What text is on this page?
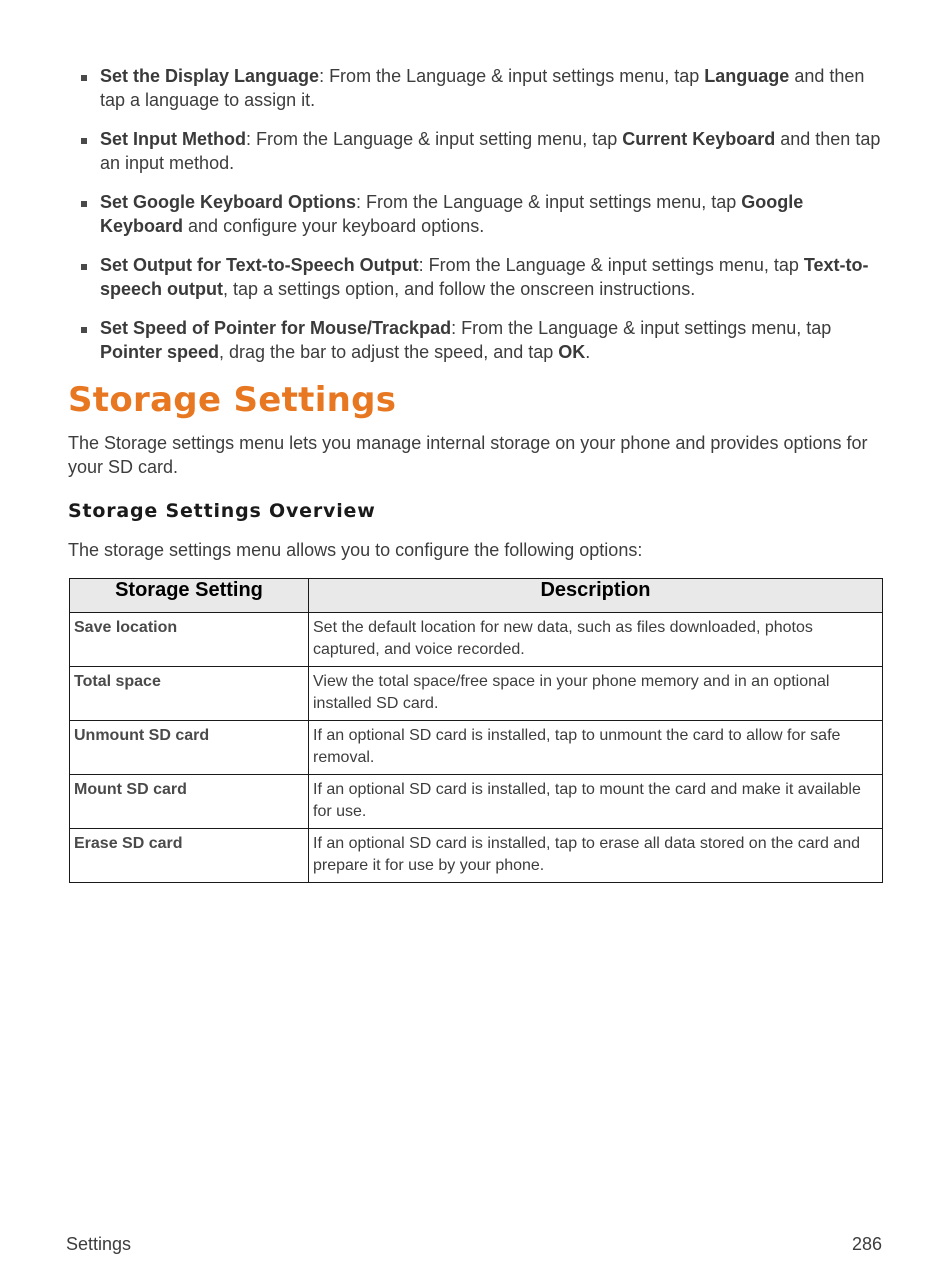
Set the Display Language: From the Language & input settings menu, tap Language and then tap a language to assign it.
Set Input Method: From the Language & input setting menu, tap Current Keyboard and then tap an input method.
Set Google Keyboard Options: From the Language & input settings menu, tap Google Keyboard and configure your keyboard options.
Set Output for Text-to-Speech Output: From the Language & input settings menu, tap Text-to-speech output, tap a settings option, and follow the onscreen instructions.
Set Speed of Pointer for Mouse/Trackpad: From the Language & input settings menu, tap Pointer speed, drag the bar to adjust the speed, and tap OK.
Storage Settings

The Storage settings menu lets you manage internal storage on your phone and provides options for your SD card.

Storage Settings Overview

The storage settings menu allows you to configure the following options:

Storage Setting	Description
Save location	Set the default location for new data, such as files downloaded, photos captured, and voice recorded.
Total space	View the total space/free space in your phone memory and in an optional installed SD card.
Unmount SD card	If an optional SD card is installed, tap to unmount the card to allow for safe removal.
Mount SD card	If an optional SD card is installed, tap to mount the card and make it available for use.
Erase SD card	If an optional SD card is installed, tap to erase all data stored on the card and prepare it for use by your phone.
Settings	286
